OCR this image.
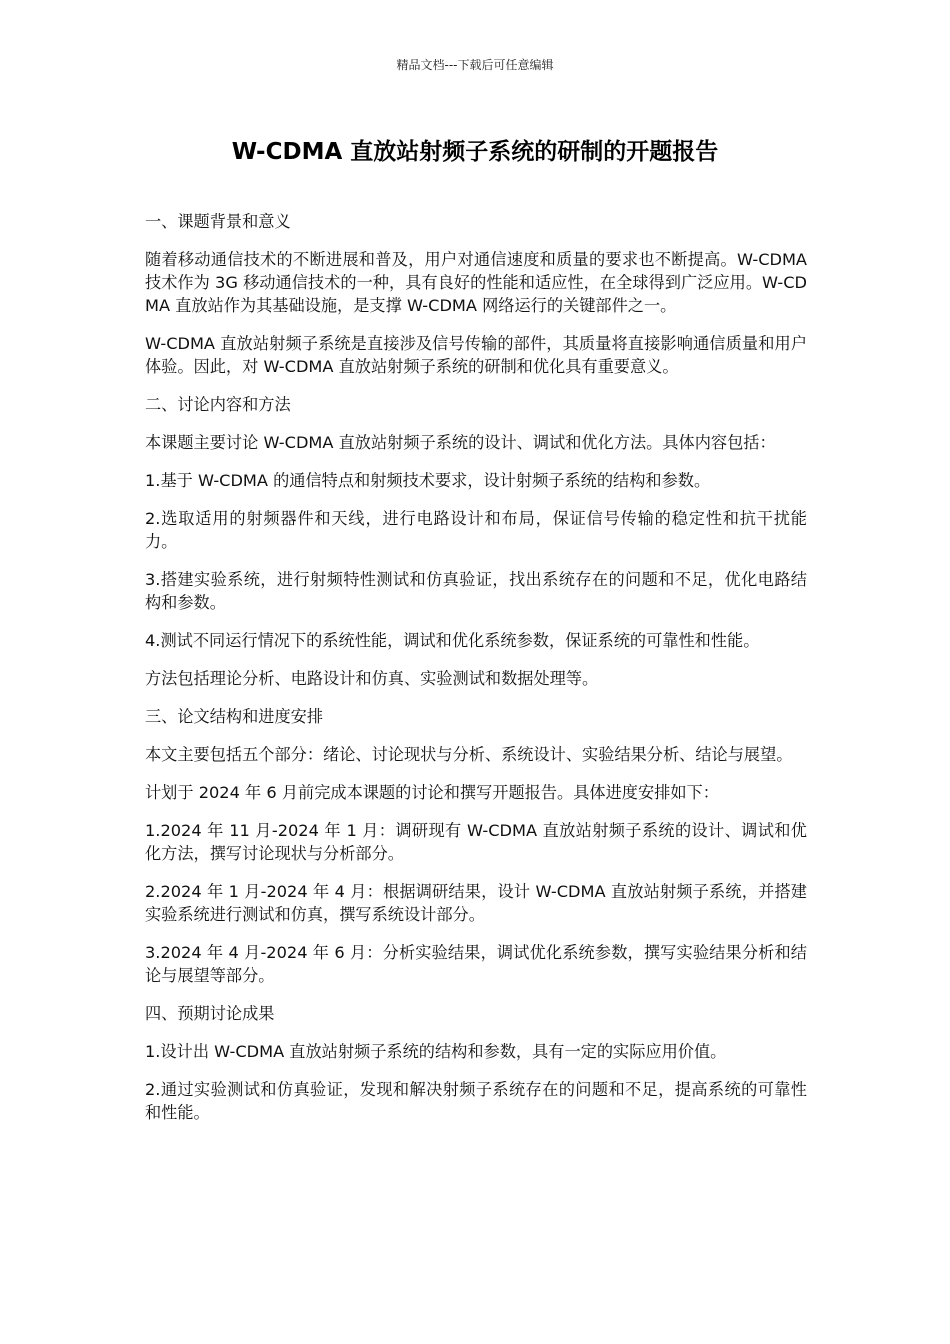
精品文档---下载后可任意编辑
W-CDMA 直放站射频子系统的研制的开题报告

一、课题背景和意义

随着移动通信技术的不断进展和普及，用户对通信速度和质量的要求也不断提高。W-CDMA 技术作为 3G 移动通信技术的一种，具有良好的性能和适应性，在全球得到广泛应用。W-CDMA 直放站作为其基础设施，是支撑 W-CDMA 网络运行的关键部件之一。

W-CDMA 直放站射频子系统是直接涉及信号传输的部件，其质量将直接影响通信质量和用户体验。因此，对 W-CDMA 直放站射频子系统的研制和优化具有重要意义。

二、讨论内容和方法

本课题主要讨论 W-CDMA 直放站射频子系统的设计、调试和优化方法。具体内容包括：

1.基于 W-CDMA 的通信特点和射频技术要求，设计射频子系统的结构和参数。

2.选取适用的射频器件和天线，进行电路设计和布局，保证信号传输的稳定性和抗干扰能力。

3.搭建实验系统，进行射频特性测试和仿真验证，找出系统存在的问题和不足，优化电路结构和参数。

4.测试不同运行情况下的系统性能，调试和优化系统参数，保证系统的可靠性和性能。

方法包括理论分析、电路设计和仿真、实验测试和数据处理等。

三、论文结构和进度安排

本文主要包括五个部分：绪论、讨论现状与分析、系统设计、实验结果分析、结论与展望。

计划于 2024 年 6 月前完成本课题的讨论和撰写开题报告。具体进度安排如下：

1.2024 年 11 月-2024 年 1 月：调研现有 W-CDMA 直放站射频子系统的设计、调试和优化方法，撰写讨论现状与分析部分。

2.2024 年 1 月-2024 年 4 月：根据调研结果，设计 W-CDMA 直放站射频子系统，并搭建实验系统进行测试和仿真，撰写系统设计部分。

3.2024 年 4 月-2024 年 6 月：分析实验结果，调试优化系统参数，撰写实验结果分析和结论与展望等部分。

四、预期讨论成果

1.设计出 W-CDMA 直放站射频子系统的结构和参数，具有一定的实际应用价值。

2.通过实验测试和仿真验证，发现和解决射频子系统存在的问题和不足，提高系统的可靠性和性能。
